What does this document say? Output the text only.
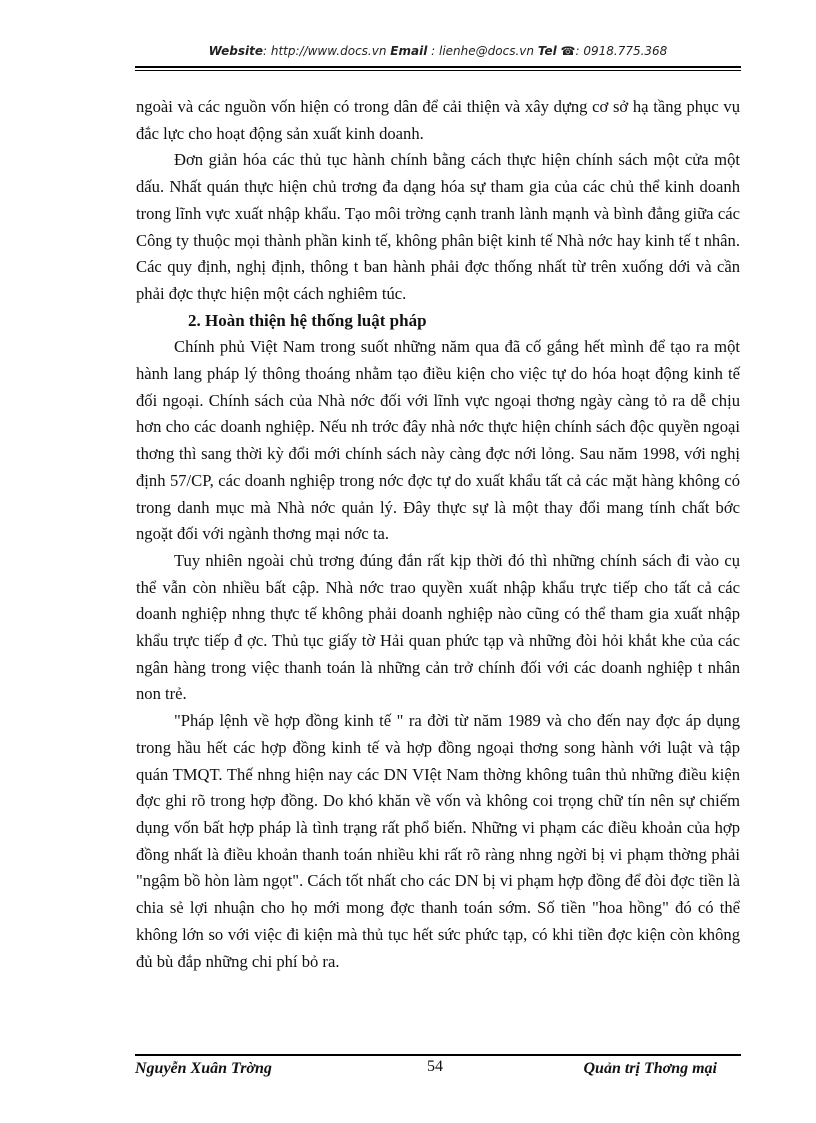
Website: http://www.docs.vn Email : lienhe@docs.vn Tel ☎: 0918.775.368

ngoài và các nguồn vốn hiện có trong dân để cải thiện và xây dựng cơ sở hạ tầng phục vụ đắc lực cho hoạt động sản xuất kinh doanh.

Đơn giản hóa các thủ tục hành chính bằng cách thực hiện chính sách một cửa một dấu. Nhất quán thực hiện chủ trơng đa dạng hóa sự tham gia của các chủ thể kinh doanh trong lĩnh vực xuất nhập khẩu. Tạo môi trờng cạnh tranh lành mạnh và bình đẳng giữa các Công ty thuộc mọi thành phần kinh tế, không phân biệt kinh tế Nhà nớc hay kinh tế t nhân. Các quy định, nghị định, thông t ban hành phải đợc thống nhất từ trên xuống dới và cần phải đợc thực hiện một cách nghiêm túc.

2. Hoàn thiện hệ thống luật pháp

Chính phủ Việt Nam trong suốt những năm qua đã cố gắng hết mình để tạo ra một hành lang pháp lý thông thoáng nhằm tạo điều kiện cho việc tự do hóa hoạt động kinh tế đối ngoại. Chính sách của Nhà nớc đối với lĩnh vực ngoại thơng ngày càng tỏ ra dễ chịu hơn cho các doanh nghiệp. Nếu nh trớc đây nhà nớc thực hiện chính sách độc quyền ngoại thơng thì sang thời kỳ đổi mới chính sách này càng đợc nới lỏng. Sau năm 1998, với nghị định 57/CP, các doanh nghiệp trong nớc đợc tự do xuất khẩu tất cả các mặt hàng không có trong danh mục mà Nhà nớc quản lý. Đây thực sự là một thay đổi mang tính chất bớc ngoặt đối với ngành thơng mại nớc ta.

Tuy nhiên ngoài chủ trơng đúng đắn rất kịp thời đó thì những chính sách đi vào cụ thể vẫn còn nhiều bất cập. Nhà nớc trao quyền xuất nhập khẩu trực tiếp cho tất cả các doanh nghiệp nhng thực tế không phải doanh nghiệp nào cũng có thể tham gia xuất nhập khẩu trực tiếp đ ợc. Thủ tục giấy tờ Hải quan phức tạp và những đòi hỏi khắt khe của các ngân hàng trong việc thanh toán là những cản trở chính đối với các doanh nghiệp t nhân non trẻ.

"Pháp lệnh về hợp đồng kinh tế " ra đời từ năm 1989 và cho đến nay đợc áp dụng trong hầu hết các hợp đồng kinh tế và hợp đồng ngoại thơng song hành với luật và tập quán TMQT. Thế nhng hiện nay các DN VIệt Nam thờng không tuân thủ những điều kiện đợc ghi rõ trong hợp đồng. Do khó khăn về vốn và không coi trọng chữ tín nên sự chiếm dụng vốn bất hợp pháp là tình trạng rất phổ biến. Những vi phạm các điều khoản của hợp đồng nhất là điều khoản thanh toán nhiều khi rất rõ ràng nhng ngời bị vi phạm thờng phải "ngậm bồ hòn làm ngọt". Cách tốt nhất cho các DN bị vi phạm hợp đồng để đòi đợc tiền là chia sẻ lợi nhuận cho họ mới mong đợc thanh toán sớm. Số tiền "hoa hồng" đó có thể không lớn so với việc đi kiện mà thủ tục hết sức phức tạp, có khi tiền đợc kiện còn không đủ bù đắp những chi phí bỏ ra.

Nguyễn Xuân Trờng	54	Quản trị Thơng mại
